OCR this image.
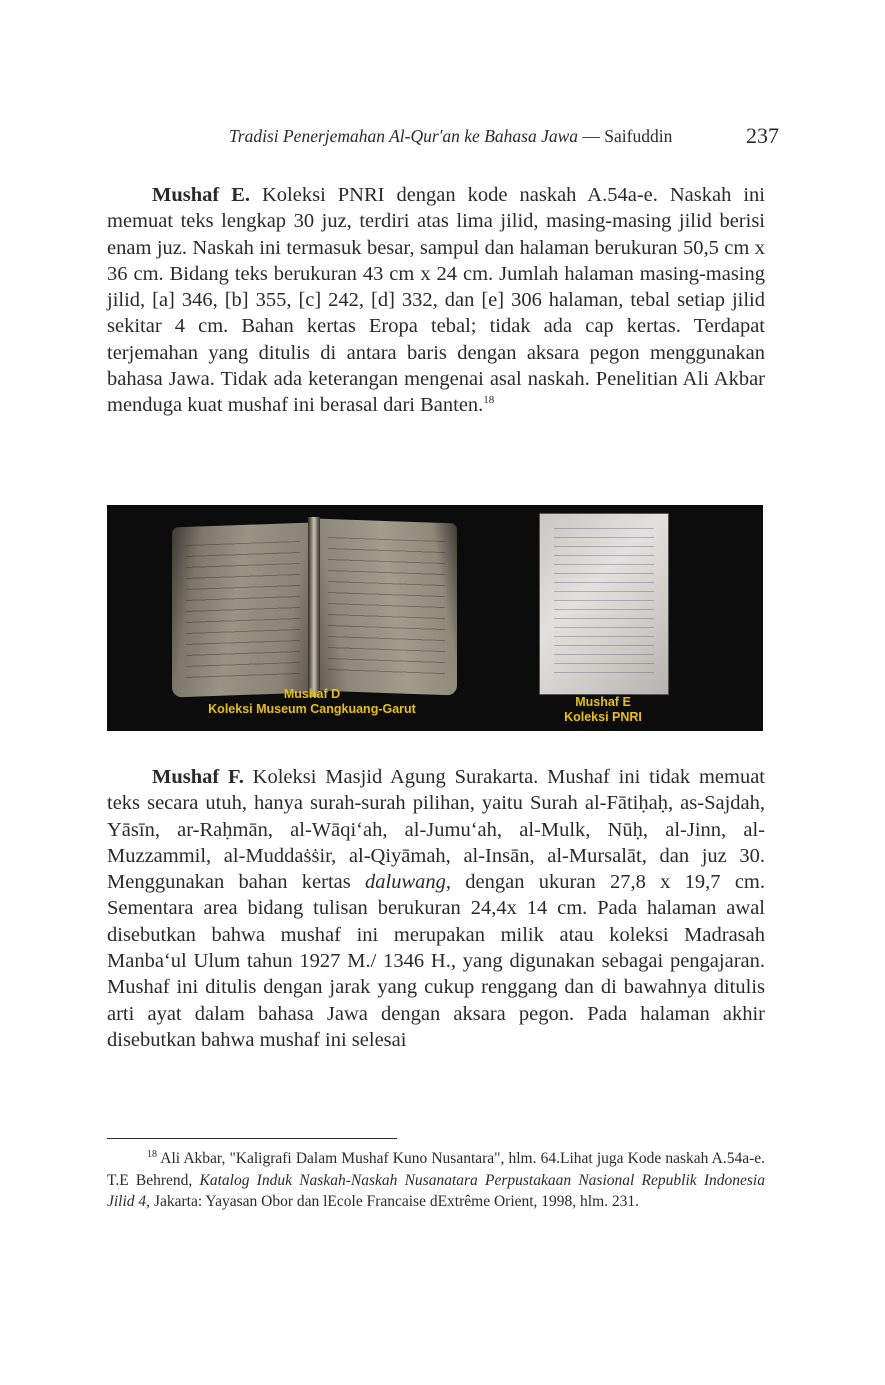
Tradisi Penerjemahan Al-Qur'an ke Bahasa Jawa — Saifuddin	237

Mushaf E. Koleksi PNRI dengan kode naskah A.54a-e. Naskah ini memuat teks lengkap 30 juz, terdiri atas lima jilid, masing-masing jilid berisi enam juz. Naskah ini termasuk besar, sampul dan halaman berukuran 50,5 cm x 36 cm. Bidang teks berukuran 43 cm x 24 cm. Jumlah halaman masing-masing jilid, [a] 346, [b] 355, [c] 242, [d] 332, dan [e] 306 halaman, tebal setiap jilid sekitar 4 cm. Bahan kertas Eropa tebal; tidak ada cap kertas. Terdapat terjemahan yang ditulis di antara baris dengan aksara pegon menggunakan bahasa Jawa. Tidak ada keterangan mengenai asal naskah. Penelitian Ali Akbar menduga kuat mushaf ini berasal dari Banten.$^{18}$

Mushaf D
Koleksi Museum Cangkuang-Garut	Mushaf E
Koleksi PNRI

Mushaf F. Koleksi Masjid Agung Surakarta. Mushaf ini tidak memuat teks secara utuh, hanya surah-surah pilihan, yaitu Surah al-Fātiḥaḥ, as-Sajdah, Yāsīn, ar-Raḥmān, al-Wāqi‘ah, al-Jumu‘ah, al-Mulk, Nūḥ, al-Jinn, al-Muzzammil, al-Muddaṡṡir, al-Qiyāmah, al-Insān, al-Mursalāt, dan juz 30. Menggunakan bahan kertas daluwang, dengan ukuran 27,8 x 19,7 cm. Sementara area bidang tulisan berukuran 24,4x 14 cm. Pada halaman awal disebutkan bahwa mushaf ini merupakan milik atau koleksi Madrasah Manba‘ul Ulum tahun 1927 M./ 1346 H., yang digunakan sebagai pengajaran. Mushaf ini ditulis dengan jarak yang cukup renggang dan di bawahnya ditulis arti ayat dalam bahasa Jawa dengan aksara pegon. Pada halaman akhir disebutkan bahwa mushaf ini selesai

$^{18}$ Ali Akbar, "Kaligrafi Dalam Mushaf Kuno Nusantara", hlm. 64.Lihat juga Kode naskah A.54a-e. T.E Behrend, Katalog Induk Naskah-Naskah Nusanatara Perpustakaan Nasional Republik Indonesia Jilid 4, Jakarta: Yayasan Obor dan lEcole Francaise dExtrême Orient, 1998, hlm. 231.
